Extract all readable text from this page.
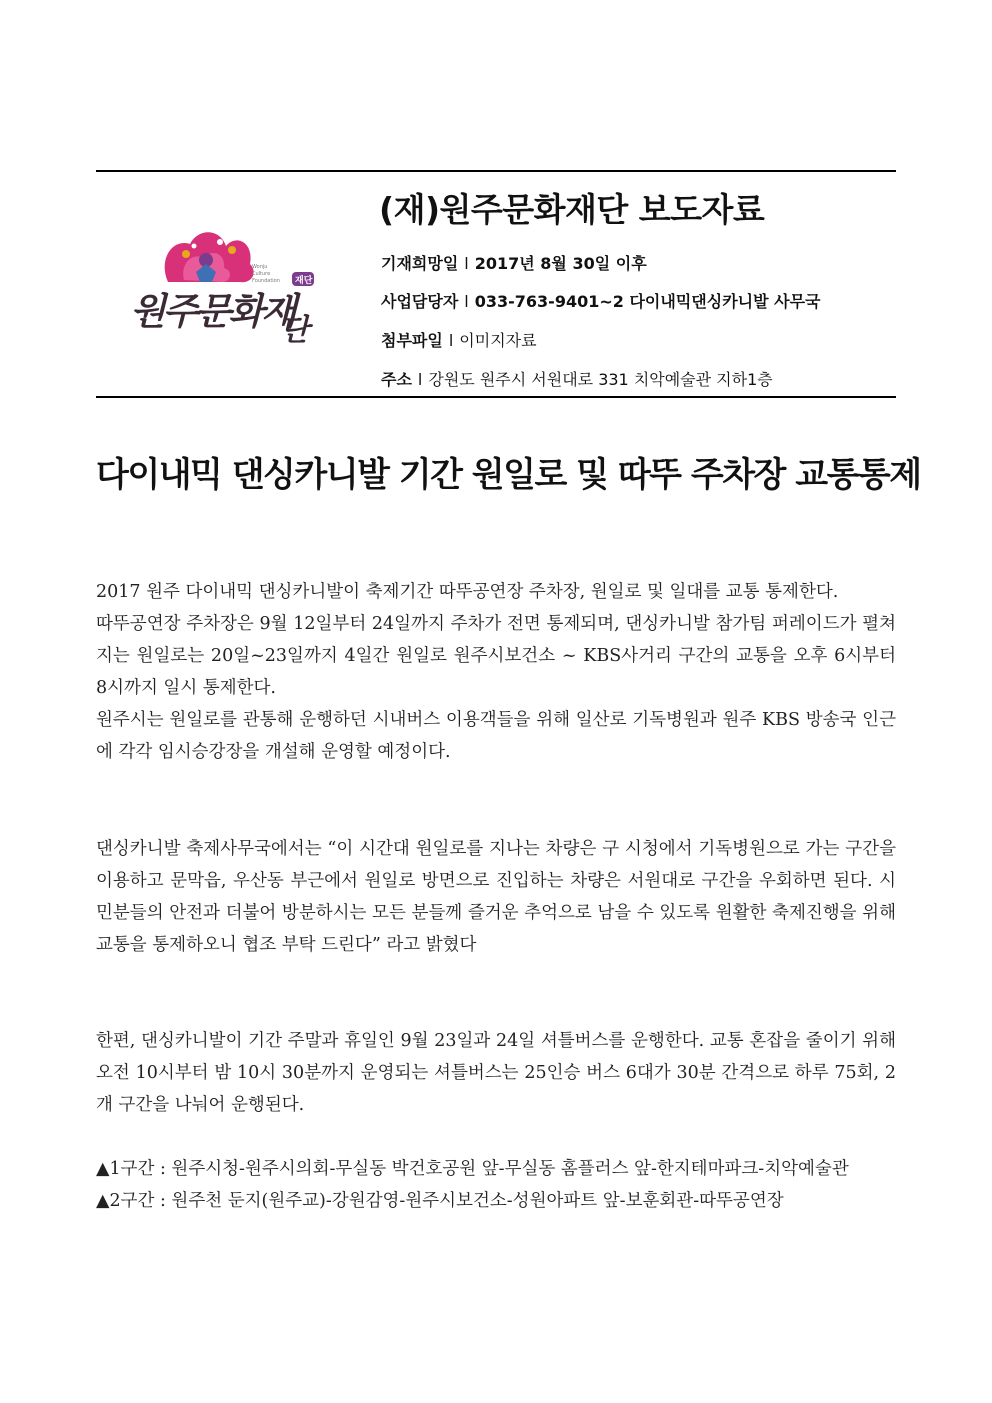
Wonju
Culture
Foundation
원주문화재
단
재단
(재)원주문화재단 보도자료
기재희망일 l 2017년 8월 30일 이후
사업담당자 l 033-763-9401~2 다이내믹댄싱카니발 사무국
첨부파일 l 이미지자료
주소 l 강원도 원주시 서원대로 331 치악예술관 지하1층
다이내믹 댄싱카니발 기간 원일로 및 따뚜 주차장 교통통제

2017 원주 다이내믹 댄싱카니발이 축제기간 따뚜공연장 주차장, 원일로 및 일대를 교통 통제한다.

따뚜공연장 주차장은 9월 12일부터 24일까지 주차가 전면 통제되며, 댄싱카니발 참가팀 퍼레이드가 펼쳐지는 원일로는 20일~23일까지 4일간 원일로 원주시보건소 ~ KBS사거리 구간의 교통을 오후 6시부터 8시까지 일시 통제한다.

원주시는 원일로를 관통해 운행하던 시내버스 이용객들을 위해 일산로 기독병원과 원주 KBS 방송국 인근에 각각 임시승강장을 개설해 운영할 예정이다.

댄싱카니발 축제사무국에서는 “이 시간대 원일로를 지나는 차량은 구 시청에서 기독병원으로 가는 구간을 이용하고 문막읍, 우산동 부근에서 원일로 방면으로 진입하는 차량은 서원대로 구간을 우회하면 된다. 시민분들의 안전과 더불어 방분하시는 모든 분들께 즐거운 추억으로 남을 수 있도록 원활한 축제진행을 위해 교통을 통제하오니 협조 부탁 드린다” 라고 밝혔다

한편, 댄싱카니발이 기간 주말과 휴일인 9월 23일과 24일 셔틀버스를 운행한다. 교통 혼잡을 줄이기 위해 오전 10시부터 밤 10시 30분까지 운영되는 셔틀버스는 25인승 버스 6대가 30분 간격으로 하루 75회, 2개 구간을 나눠어 운행된다.

▲1구간 : 원주시청-원주시의회-무실동 박건호공원 앞-무실동 홈플러스 앞-한지테마파크-치악예술관

▲2구간 : 원주천 둔지(원주교)-강원감영-원주시보건소-성원아파트 앞-보훈회관-따뚜공연장
